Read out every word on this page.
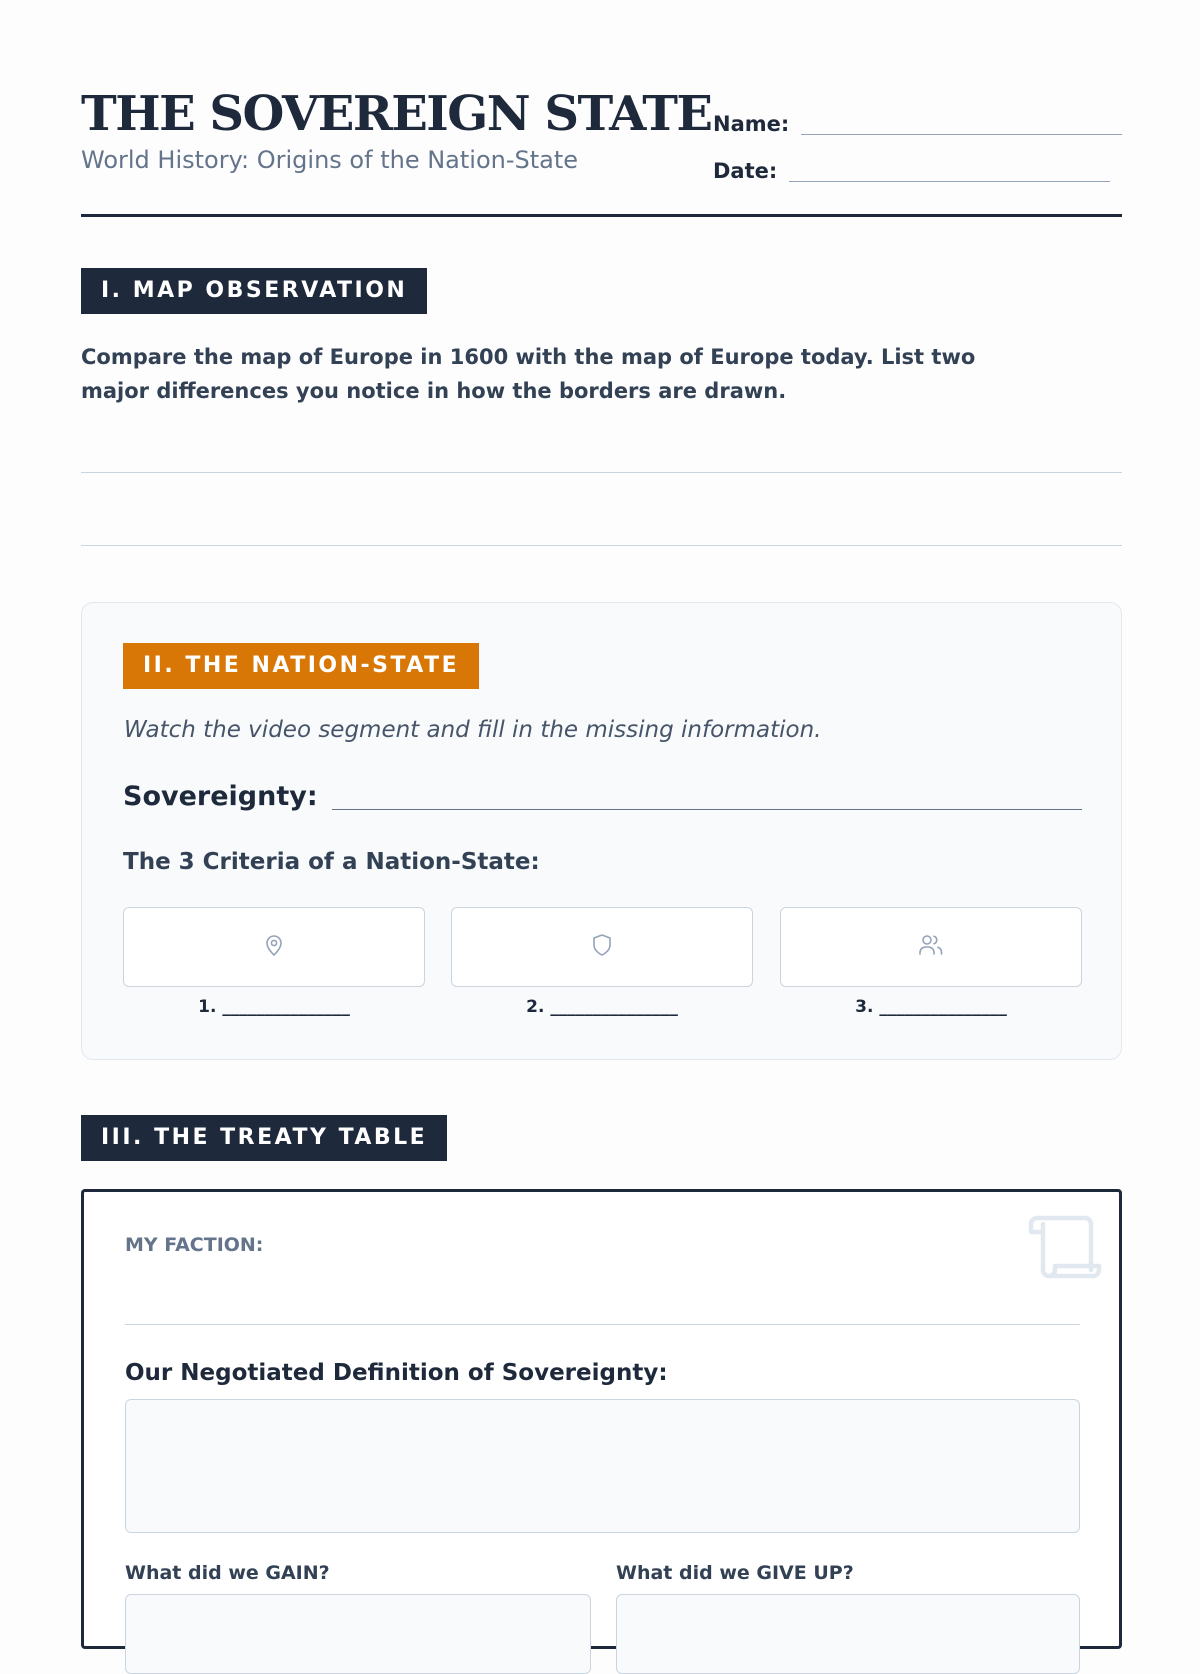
THE SOVEREIGN STATE
World History: Origins of the Nation-State
Name:
Date:
I. MAP OBSERVATION

Compare the map of Europe in 1600 with the map of Europe today. List two major differences you notice in how the borders are drawn.

II. THE NATION-STATE
Watch the video segment and fill in the missing information.
Sovereignty:
The 3 Criteria of a Nation-State:
1. _______________	2. _______________	3. _______________
III. THE TREATY TABLE
MY FACTION:
Our Negotiated Definition of Sovereignty:
What did we GAIN?	What did we GIVE UP?
